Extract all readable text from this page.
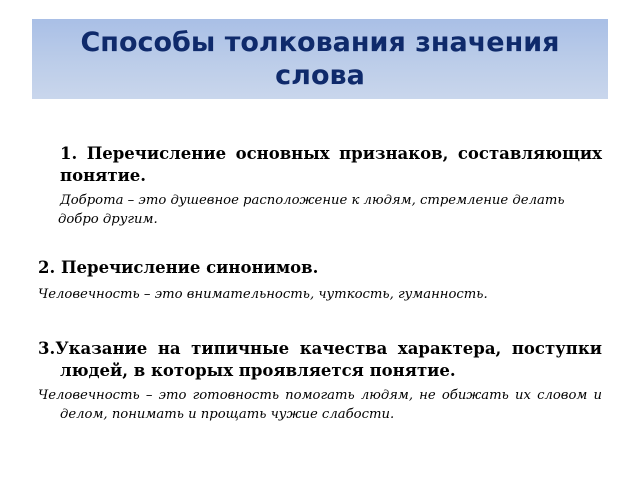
Способы толкования значения слова

1. Перечисление основных признаков, составляющих понятие.

Доброта – это душевное расположение к людям, стремление делать добро другим.

2. Перечисление синонимов.

Человечность – это внимательность, чуткость, гуманность.

3.Указание на типичные качества характера, поступки людей, в которых проявляется понятие.

Человечность – это готовность помогать людям, не обижать их словом и делом, понимать и прощать чужие слабости.
